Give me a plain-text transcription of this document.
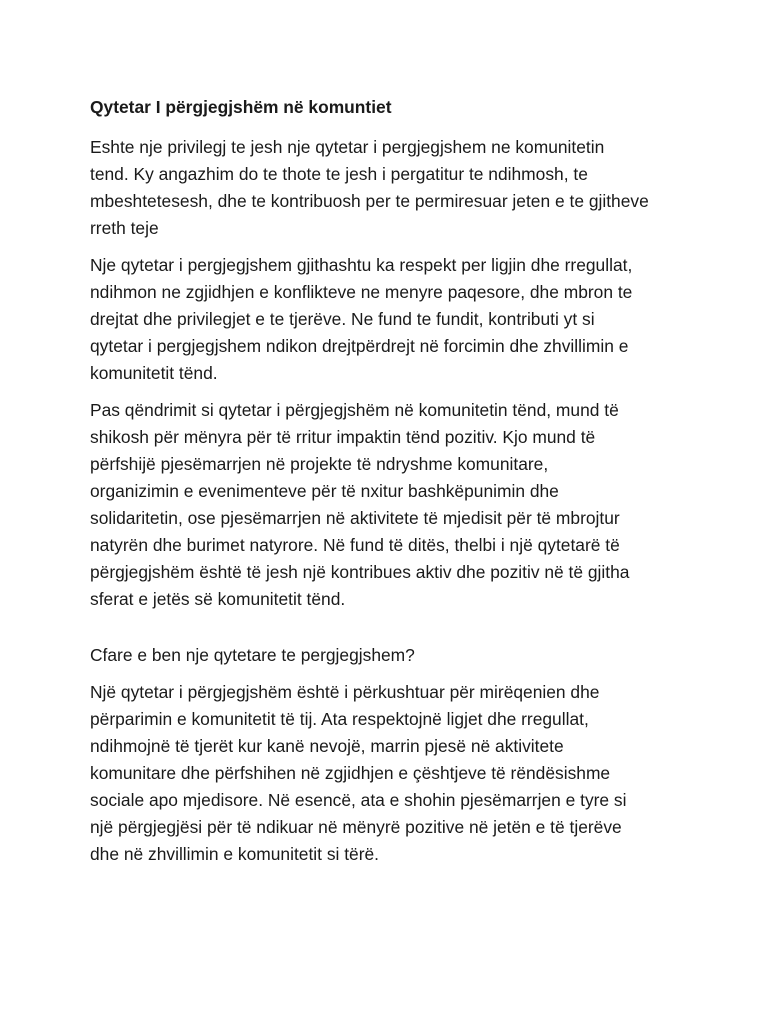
Qytetar I përgjegjshëm në komuntiet

Eshte nje privilegj te jesh nje qytetar i pergjegjshem ne komunitetin
tend. Ky angazhim do te thote te jesh i pergatitur te ndihmosh, te
mbeshtetesesh, dhe te kontribuosh per te permiresuar jeten e te gjitheve
rreth teje

Nje qytetar i pergjegjshem gjithashtu ka respekt per ligjin dhe rregullat,
ndihmon ne zgjidhjen e konflikteve ne menyre paqesore, dhe mbron te
drejtat dhe privilegjet e te tjerëve. Ne fund te fundit, kontributi yt si
qytetar i pergjegjshem ndikon drejtpërdrejt në forcimin dhe zhvillimin e
komunitetit tënd.

Pas qëndrimit si qytetar i përgjegjshëm në komunitetin tënd, mund të
shikosh për mënyra për të rritur impaktin tënd pozitiv. Kjo mund të
përfshijë pjesëmarrjen në projekte të ndryshme komunitare,
organizimin e evenimenteve për të nxitur bashkëpunimin dhe
solidaritetin, ose pjesëmarrjen në aktivitete të mjedisit për të mbrojtur
natyrën dhe burimet natyrore. Në fund të ditës, thelbi i një qytetarë të
përgjegjshëm është të jesh një kontribues aktiv dhe pozitiv në të gjitha
sferat e jetës së komunitetit tënd.

Cfare e ben nje qytetare te pergjegjshem?

Një qytetar i përgjegjshëm është i përkushtuar për mirëqenien dhe
përparimin e komunitetit të tij. Ata respektojnë ligjet dhe rregullat,
ndihmojnë të tjerët kur kanë nevojë, marrin pjesë në aktivitete
komunitare dhe përfshihen në zgjidhjen e çështjeve të rëndësishme
sociale apo mjedisore. Në esencë, ata e shohin pjesëmarrjen e tyre si
një përgjegjësi për të ndikuar në mënyrë pozitive në jetën e të tjerëve
dhe në zhvillimin e komunitetit si tërë.
